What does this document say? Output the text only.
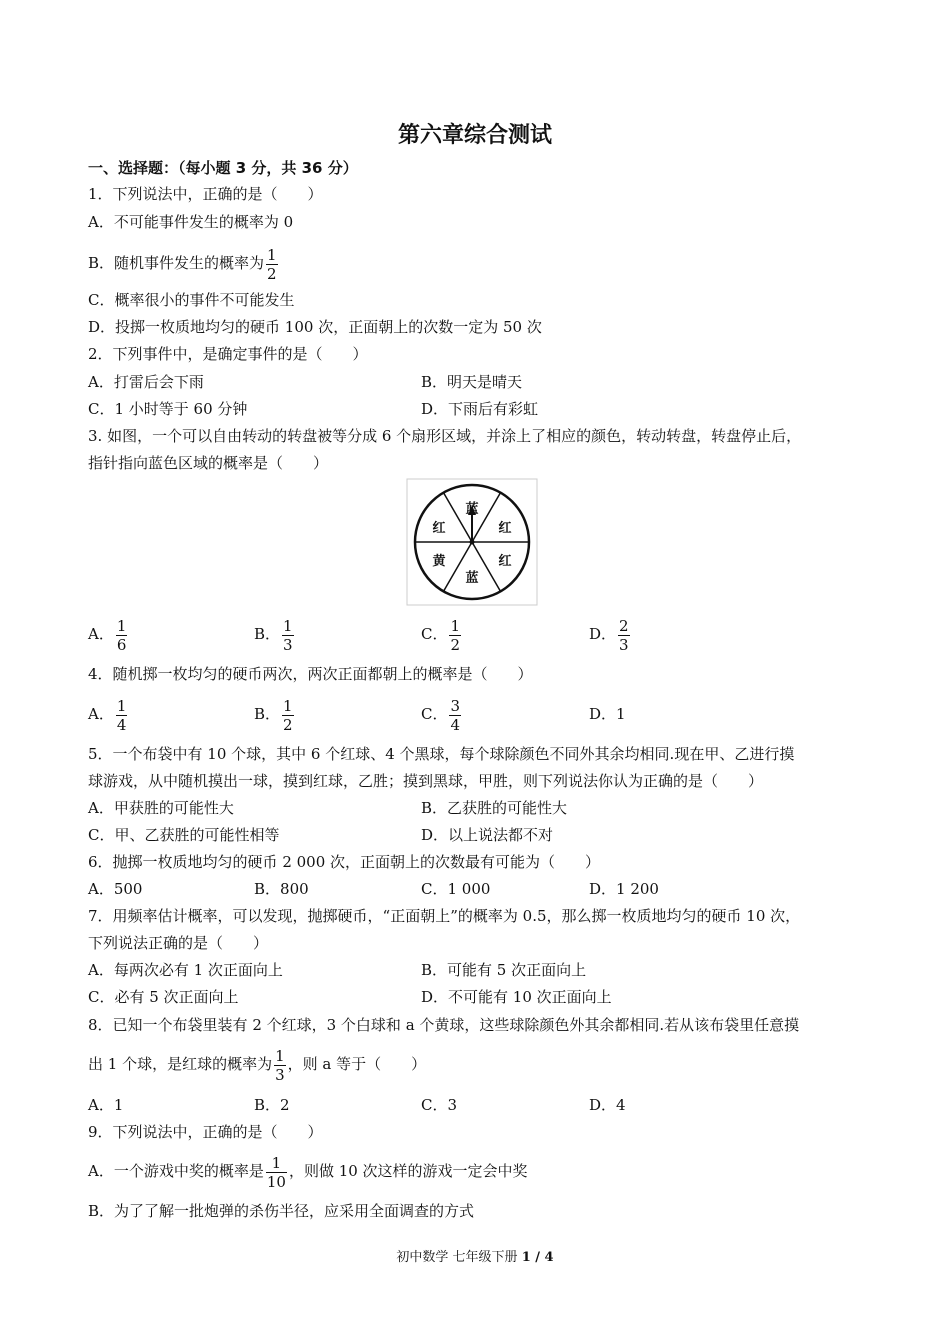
第六章综合测试
一、选择题：（每小题 3 分，共 36 分）
1．下列说法中，正确的是（　　）
A．不可能事件发生的概率为 0
B．随机事件发生的概率为 $\frac{1}{2}$
C．概率很小的事件不可能发生
D．投掷一枚质地均匀的硬币 100 次，正面朝上的次数一定为 50 次
2．下列事件中，是确定事件的是（　　）
A．打雷后会下雨	B．明天是晴天
C．1 小时等于 60 分钟	D．下雨后有彩虹
3. 如图，一个可以自由转动的转盘被等分成 6 个扇形区域，并涂上了相应的颜色，转动转盘，转盘停止后，
指针指向蓝色区域的概率是（　　）
蓝
红
红
蓝
黄
红
A． $\frac{1}{6}$	B． $\frac{1}{3}$	C． $\frac{1}{2}$	D． $\frac{2}{3}$
4．随机掷一枚均匀的硬币两次，两次正面都朝上的概率是（　　）
A． $\frac{1}{4}$	B． $\frac{1}{2}$	C． $\frac{3}{4}$	D．1
5．一个布袋中有 10 个球，其中 6 个红球、4 个黑球，每个球除颜色不同外其余均相同.现在甲、乙进行摸
球游戏，从中随机摸出一球，摸到红球，乙胜；摸到黑球，甲胜，则下列说法你认为正确的是（　　）
A．甲获胜的可能性大	B．乙获胜的可能性大
C．甲、乙获胜的可能性相等	D．以上说法都不对
6．抛掷一枚质地均匀的硬币 2 000 次，正面朝上的次数最有可能为（　　）
A．500	B．800	C．1 000	D．1 200
7．用频率估计概率，可以发现，抛掷硬币，“正面朝上”的概率为 0.5，那么掷一枚质地均匀的硬币 10 次，
下列说法正确的是（　　）
A．每两次必有 1 次正面向上	B．可能有 5 次正面向上
C．必有 5 次正面向上	D．不可能有 10 次正面向上
8．已知一个布袋里装有 2 个红球，3 个白球和 a 个黄球，这些球除颜色外其余都相同.若从该布袋里任意摸
出 1 个球，是红球的概率为 $\frac{1}{3}$ ，则 a 等于（　　）
A．1	B．2	C．3	D．4
9．下列说法中，正确的是（　　）
A．一个游戏中奖的概率是 $\frac{1}{10}$ ，则做 10 次这样的游戏一定会中奖
B．为了了解一批炮弹的杀伤半径，应采用全面调查的方式
初中数学 七年级下册 1 / 4
